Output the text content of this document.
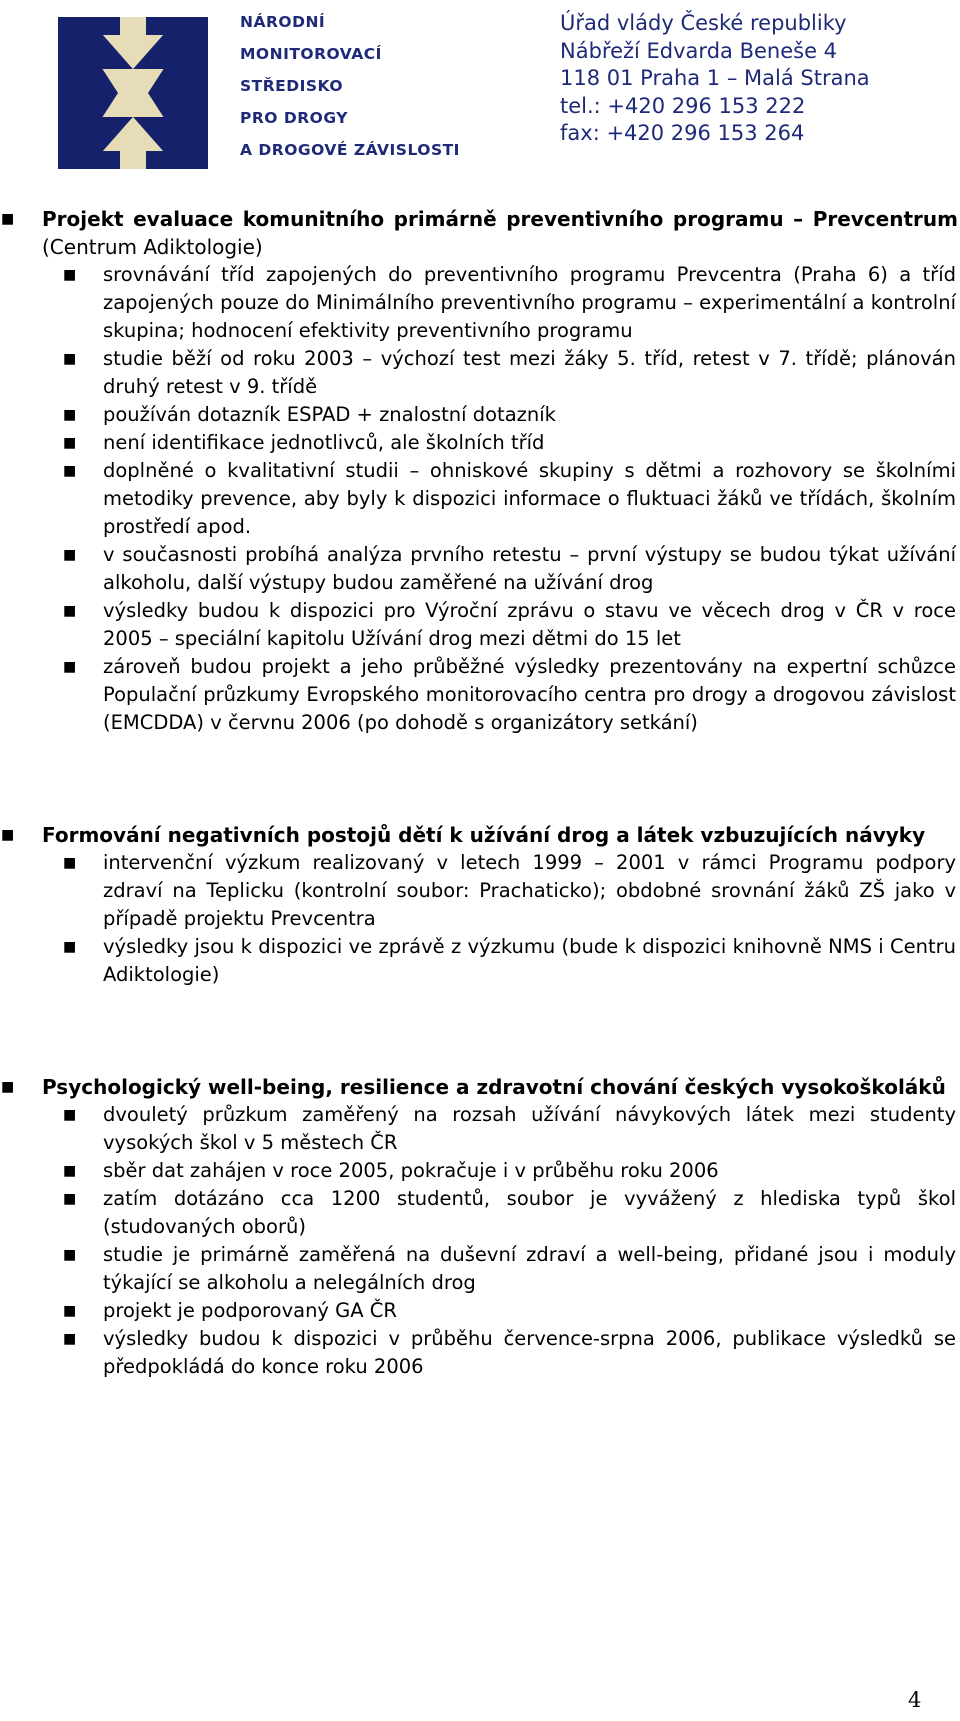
NÁRODNÍ
MONITOROVACÍ
STŘEDISKO
PRO DROGY
A DROGOVÉ ZÁVISLOSTI
Úřad vlády České republiky
Nábřeží Edvarda Beneše 4
118 01 Praha 1 – Malá Strana
tel.: +420 296 153 222
fax: +420 296 153 264
■ Projekt evaluace komunitního primárně preventivního programu – Prevcentrum (Centrum Adiktologie)

■ srovnávání tříd zapojených do preventivního programu Prevcentra (Praha 6) a tříd zapojených pouze do Minimálního preventivního programu – experimentální a kontrolní skupina; hodnocení efektivity preventivního programu

■ studie běží od roku 2003 – výchozí test mezi žáky 5. tříd, retest v 7. třídě; plánován druhý retest v 9. třídě

■ používán dotazník ESPAD + znalostní dotazník

■ není identifikace jednotlivců, ale školních tříd

■ doplněné o kvalitativní studii – ohniskové skupiny s dětmi a rozhovory se školními metodiky prevence, aby byly k dispozici informace o fluktuaci žáků ve třídách, školním prostředí apod.

■ v současnosti probíhá analýza prvního retestu – první výstupy se budou týkat užívání alkoholu, další výstupy budou zaměřené na užívání drog

■ výsledky budou k dispozici pro Výroční zprávu o stavu ve věcech drog v ČR v roce 2005 – speciální kapitolu Užívání drog mezi dětmi do 15 let

■ zároveň budou projekt a jeho průběžné výsledky prezentovány na expertní schůzce Populační průzkumy Evropského monitorovacího centra pro drogy a drogovou závislost (EMCDDA) v červnu 2006 (po dohodě s organizátory setkání)

■ Formování negativních postojů dětí k užívání drog a látek vzbuzujících návyky

■ intervenční výzkum realizovaný v letech 1999 – 2001 v rámci Programu podpory zdraví na Teplicku (kontrolní soubor: Prachaticko); obdobné srovnání žáků ZŠ jako v případě projektu Prevcentra

■ výsledky jsou k dispozici ve zprávě z výzkumu (bude k dispozici knihovně NMS i Centru Adiktologie)

■ Psychologický well-being, resilience a zdravotní chování českých vysokoškoláků

■ dvouletý průzkum zaměřený na rozsah užívání návykových látek mezi studenty vysokých škol v 5 městech ČR

■ sběr dat zahájen v roce 2005, pokračuje i v průběhu roku 2006

■ zatím dotázáno cca 1200 studentů, soubor je vyvážený z hlediska typů škol (studovaných oborů)

■ studie je primárně zaměřená na duševní zdraví a well-being, přidané jsou i moduly týkající se alkoholu a nelegálních drog

■ projekt je podporovaný GA ČR

■ výsledky budou k dispozici v průběhu července-srpna 2006, publikace výsledků se předpokládá do konce roku 2006

4
